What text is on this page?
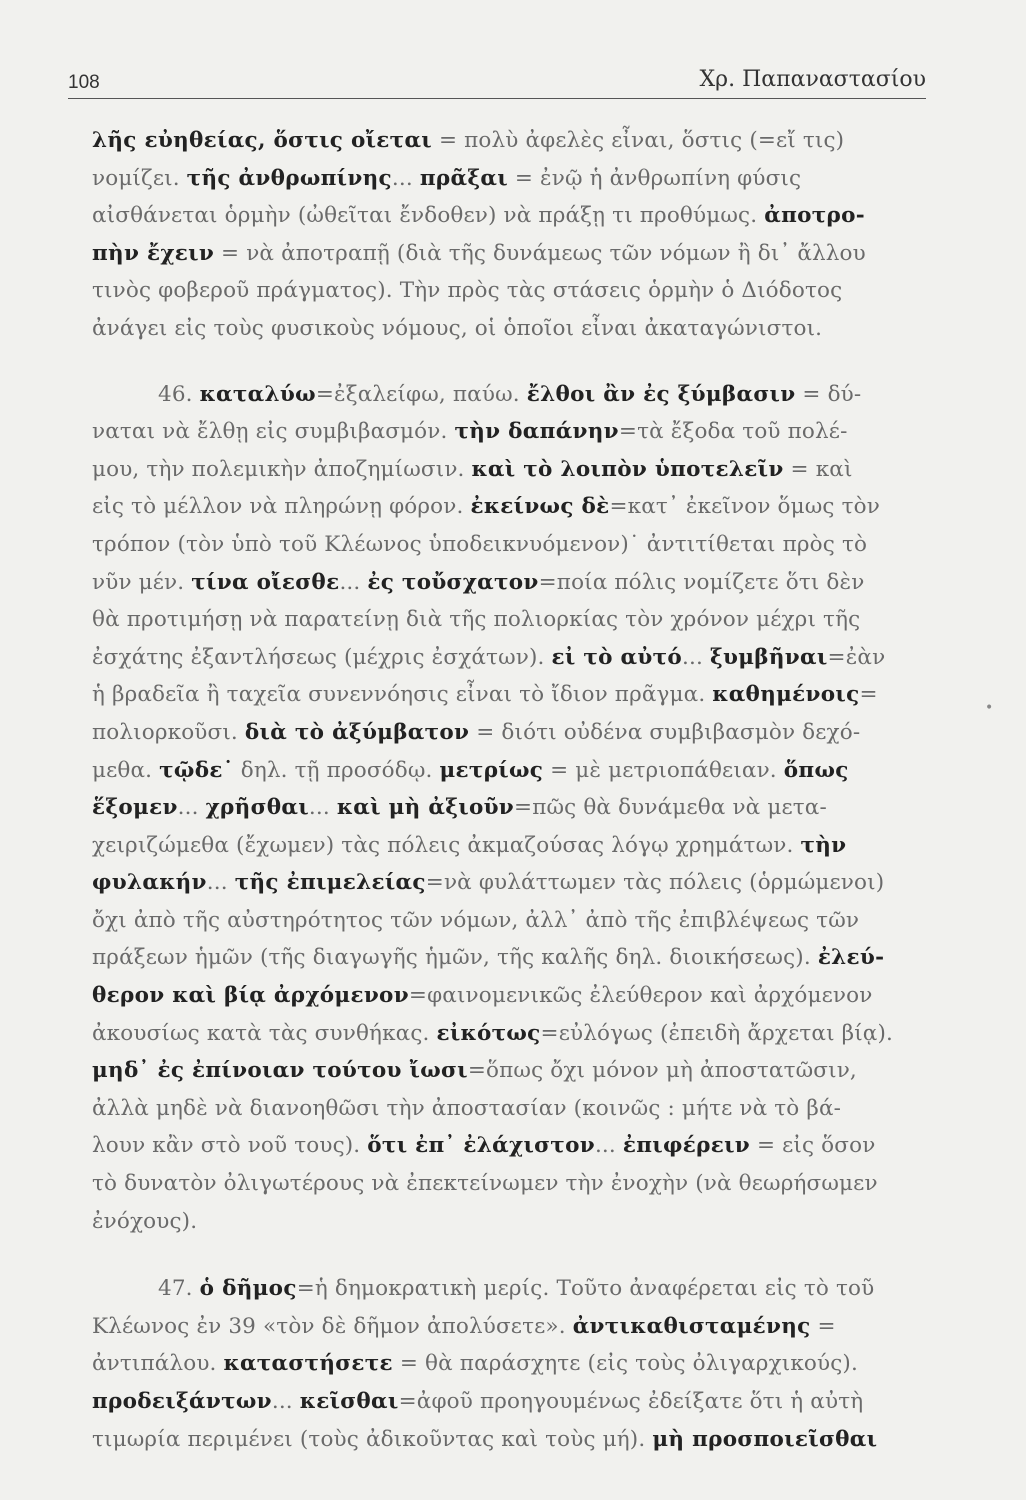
108	Χρ. Παπαναστασίου
λῆς εὐηθείας, ὅστις οἴεται = πολὺ ἀφελὲς εἶναι, ὅστις (=εἴ τις)
νομίζει. τῆς ἀνθρωπίνης... πρᾶξαι = ἐνῷ ἡ ἀνθρωπίνη φύσις
αἰσθάνεται ὁρμὴν (ὠθεῖται ἔνδοθεν) νὰ πράξῃ τι προθύμως. ἀποτρο-
πὴν ἔχειν = νὰ ἀποτραπῇ (διὰ τῆς δυνάμεως τῶν νόμων ἢ δι᾽ ἄλλου
τινὸς φοβεροῦ πράγματος). Τὴν πρὸς τὰς στάσεις ὁρμὴν ὁ Διόδοτος
ἀνάγει εἰς τοὺς φυσικοὺς νόμους, οἱ ὁποῖοι εἶναι ἀκαταγώνιστοι.
46. καταλύω=ἐξαλείφω, παύω. ἔλθοι ἂν ἐς ξύμβασιν = δύ-
ναται νὰ ἔλθῃ εἰς συμβιβασμόν. τὴν δαπάνην=τὰ ἔξοδα τοῦ πολέ-
μου, τὴν πολεμικὴν ἀποζημίωσιν. καὶ τὸ λοιπὸν ὑποτελεῖν = καὶ
εἰς τὸ μέλλον νὰ πληρώνῃ φόρον. ἐκείνως δὲ=κατ᾽ ἐκεῖνον ὅμως τὸν
τρόπον (τὸν ὑπὸ τοῦ Κλέωνος ὑποδεικνυόμενον)˙ ἀντιτίθεται πρὸς τὸ
νῦν μέν. τίνα οἴεσθε... ἐς τοὔσχατον=ποία πόλις νομίζετε ὅτι δὲν
θὰ προτιμήσῃ νὰ παρατείνῃ διὰ τῆς πολιορκίας τὸν χρόνον μέχρι τῆς
ἐσχάτης ἐξαντλήσεως (μέχρις ἐσχάτων). εἰ τὸ αὐτό... ξυμβῆναι=ἐὰν
ἡ βραδεῖα ἢ ταχεῖα συνεννόησις εἶναι τὸ ἴδιον πρᾶγμα. καθημένοις=
πολιορκοῦσι. διὰ τὸ ἀξύμβατον = διότι οὐδένα συμβιβασμὸν δεχό-
μεθα. τῷδε˙ δηλ. τῇ προσόδῳ. μετρίως = μὲ μετριοπάθειαν. ὅπως
ἕξομεν... χρῆσθαι... καὶ μὴ ἀξιοῦν=πῶς θὰ δυνάμεθα νὰ μετα-
χειριζώμεθα (ἔχωμεν) τὰς πόλεις ἀκμαζούσας λόγῳ χρημάτων. τὴν
φυλακήν... τῆς ἐπιμελείας=νὰ φυλάττωμεν τὰς πόλεις (ὁρμώμενοι)
ὄχι ἀπὸ τῆς αὐστηρότητος τῶν νόμων, ἀλλ᾽ ἀπὸ τῆς ἐπιβλέψεως τῶν
πράξεων ἡμῶν (τῆς διαγωγῆς ἡμῶν, τῆς καλῆς δηλ. διοικήσεως). ἐλεύ-
θερον καὶ βίᾳ ἀρχόμενον=φαινομενικῶς ἐλεύθερον καὶ ἀρχόμενον
ἀκουσίως κατὰ τὰς συνθήκας. εἰκότως=εὐλόγως (ἐπειδὴ ἄρχεται βίᾳ).
μηδ᾽ ἐς ἐπίνοιαν τούτου ἴωσι=ὅπως ὄχι μόνον μὴ ἀποστατῶσιν,
ἀλλὰ μηδὲ νὰ διανοηθῶσι τὴν ἀποστασίαν (κοινῶς : μήτε νὰ τὸ βά-
λουν κἂν στὸ νοῦ τους). ὅτι ἐπ᾽ ἐλάχιστον... ἐπιφέρειν = εἰς ὅσον
τὸ δυνατὸν ὀλιγωτέρους νὰ ἐπεκτείνωμεν τὴν ἐνοχὴν (νὰ θεωρήσωμεν
ἐνόχους).
47. ὁ δῆμος=ἡ δημοκρατικὴ μερίς. Τοῦτο ἀναφέρεται εἰς τὸ τοῦ
Κλέωνος ἐν 39 «τὸν δὲ δῆμον ἀπολύσετε». ἀντικαθισταμένης =
ἀντιπάλου. καταστήσετε = θὰ παράσχητε (εἰς τοὺς ὀλιγαρχικούς).
προδειξάντων... κεῖσθαι=ἀφοῦ προηγουμένως ἐδείξατε ὅτι ἡ αὐτὴ
τιμωρία περιμένει (τοὺς ἀδικοῦντας καὶ τοὺς μή). μὴ προσποιεῖσθαι
•
